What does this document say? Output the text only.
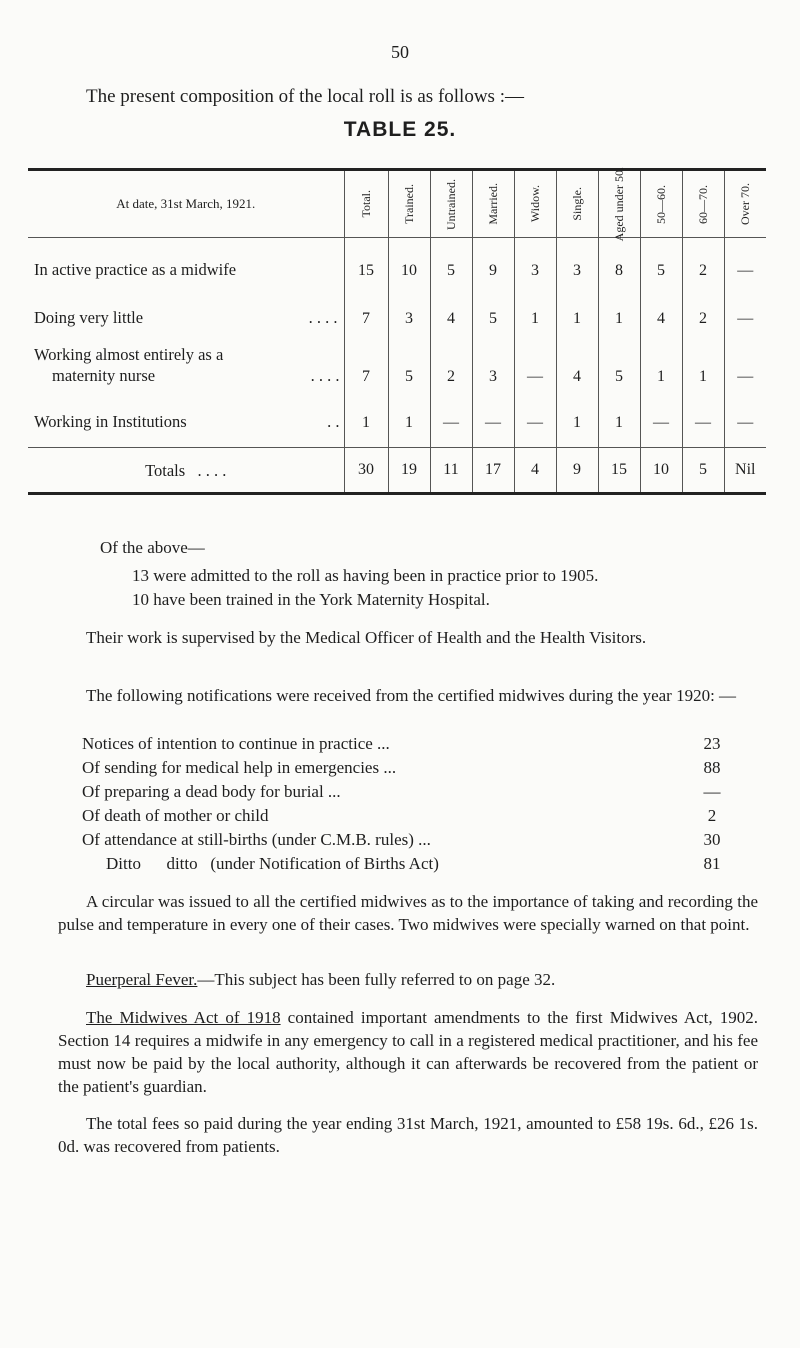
50
The present composition of the local roll is as follows :—
TABLE 25.
At date, 31st March, 1921.	Total.	Trained.	Untrained.	Married.	Widow.	Single.	Aged under 50.	50—60.	60—70.	Over 70.

In active practice as a midwife	15	10	5	9	3	3	8	5	2	—
Doing very little . . . .	7	3	4	5	1	1	1	4	2	—
Working almost entirely as a
maternity nurse . . . .	7	5	2	3	—	4	5	1	1	—
Working in Institutions . .	1	1	—	—	—	1	1	—	—	—

Totals . . . .	30	19	11	17	4	9	15	10	5	Nil
Of the above—
13 were admitted to the roll as having been in practice prior to 1905.
10 have been trained in the York Maternity Hospital.
Their work is supervised by the Medical Officer of Health and the Health Visitors.
The following notifications were received from the certified midwives during the year 1920: —
Notices of intention to continue in practice ...	23
Of sending for medical help in emergencies ...	88
Of preparing a dead body for burial ...	—
Of death of mother or child	2
Of attendance at still-births (under C.M.B. rules) ...	30
Ditto      ditto   (under Notification of Births Act)	81
A circular was issued to all the certified midwives as to the importance of taking and recording the pulse and temperature in every one of their cases. Two midwives were specially warned on that point.
Puerperal Fever.—This subject has been fully referred to on page 32.
The Midwives Act of 1918 contained important amendments to the first Midwives Act, 1902. Section 14 requires a midwife in any emergency to call in a registered medical practitioner, and his fee must now be paid by the local authority, although it can afterwards be recovered from the patient or the patient's guardian.
The total fees so paid during the year ending 31st March, 1921, amounted to £58 19s. 6d., £26 1s. 0d. was recovered from patients.
